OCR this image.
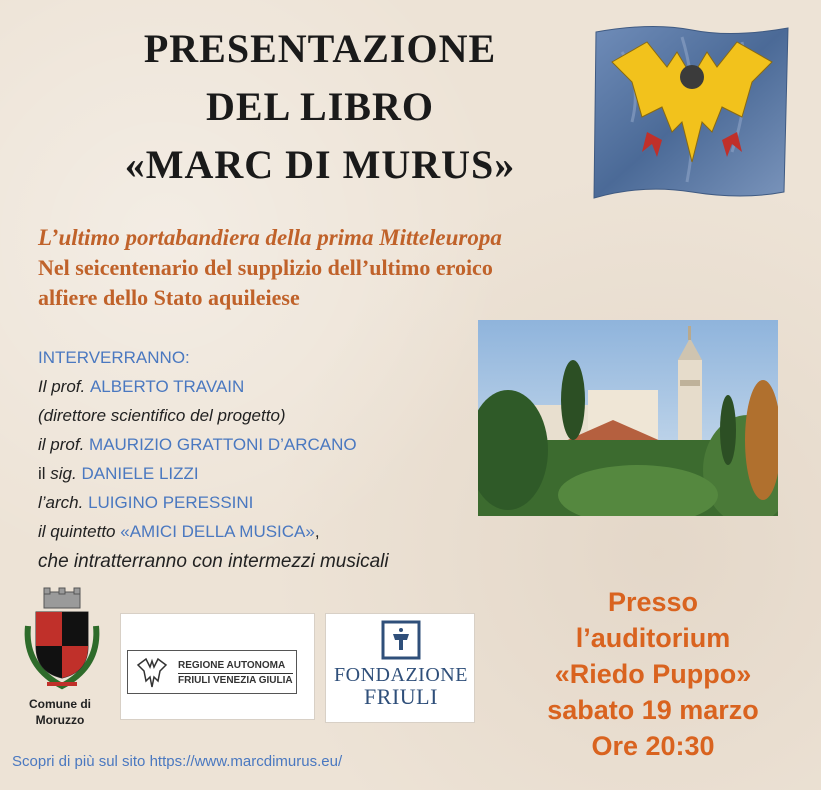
PRESENTAZIONE
DEL LIBRO
«MARC DI MURUS»
L’ultimo portabandiera della prima Mitteleuropa
Nel seicentenario del supplizio dell’ultimo eroico
alfiere dello Stato aquileiese
INTERVERRANNO:
Il prof. ALBERTO TRAVAIN
(direttore scientifico del progetto)
il prof. MAURIZIO GRATTONI D’ARCANO
il sig. DANIELE LIZZI
l’arch. LUIGINO PERESSINI
il quintetto «AMICI DELLA MUSICA»,
che intratterranno con intermezzi musicali
Comune di
Moruzzo
REGIONE AUTONOMA
FRIULI VENEZIA GIULIA	FONDAZIONE
FRIULI
Scopri di più sul sito https://www.marcdimurus.eu/
Presso
l’auditorium
«Riedo Puppo»
sabato 19 marzo
Ore 20:30
